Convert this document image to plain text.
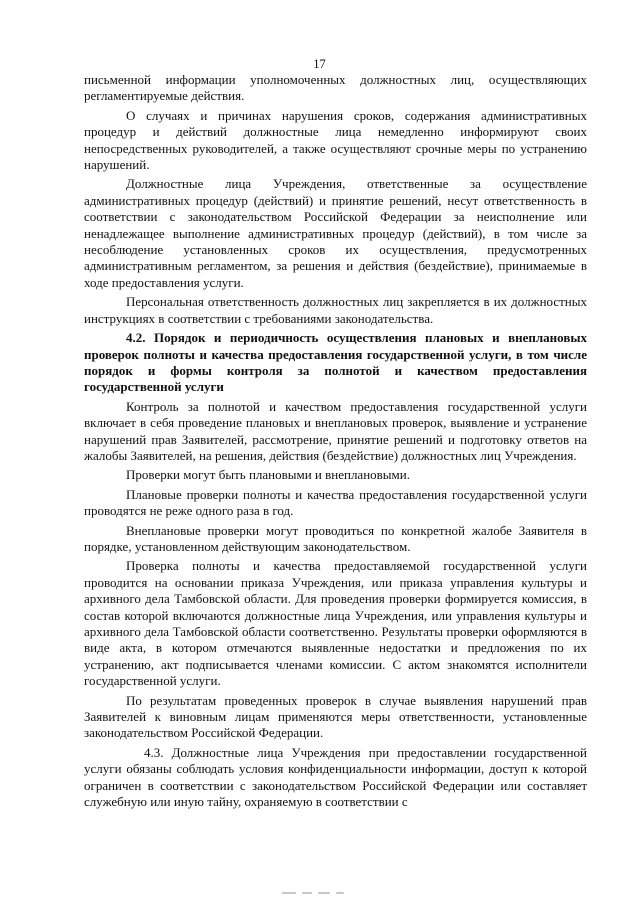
17

письменной информации уполномоченных должностных лиц, осуществляющих регламентируемые действия.

О случаях и причинах нарушения сроков, содержания административных процедур и действий должностные лица немедленно информируют своих непосредственных руководителей, а также осуществляют срочные меры по устранению нарушений.

Должностные лица Учреждения, ответственные за осуществление административных процедур (действий) и принятие решений, несут ответственность в соответствии с законодательством Российской Федерации за неисполнение или ненадлежащее выполнение административных процедур (действий), в том числе за несоблюдение установленных сроков их осуществления, предусмотренных административным регламентом, за решения и действия (бездействие), принимаемые в ходе предоставления услуги.

Персональная ответственность должностных лиц закрепляется в их должностных инструкциях в соответствии с требованиями законодательства.

4.2. Порядок и периодичность осуществления плановых и внеплановых проверок полноты и качества предоставления государственной услуги, в том числе порядок и формы контроля за полнотой и качеством предоставления государственной услуги

Контроль за полнотой и качеством предоставления государственной услуги включает в себя проведение плановых и внеплановых проверок, выявление и устранение нарушений прав Заявителей, рассмотрение, принятие решений и подготовку ответов на жалобы Заявителей, на решения, действия (бездействие) должностных лиц Учреждения.

Проверки могут быть плановыми и внеплановыми.

Плановые проверки полноты и качества предоставления государственной услуги проводятся не реже одного раза в год.

Внеплановые проверки могут проводиться по конкретной жалобе Заявителя в порядке, установленном действующим законодательством.

Проверка полноты и качества предоставляемой государственной услуги проводится на основании приказа Учреждения, или приказа управления культуры и архивного дела Тамбовской области. Для проведения проверки формируется комиссия, в состав которой включаются должностные лица Учреждения, или управления культуры и архивного дела Тамбовской области соответственно. Результаты проверки оформляются в виде акта, в котором отмечаются выявленные недостатки и предложения по их устранению, акт подписывается членами комиссии. С актом знакомятся исполнители государственной услуги.

По результатам проведенных проверок в случае выявления нарушений прав Заявителей к виновным лицам применяются меры ответственности, установленные законодательством Российской Федерации.

4.3. Должностные лица Учреждения при предоставлении государственной услуги обязаны соблюдать условия конфиденциальности информации, доступ к которой ограничен в соответствии с законодательством Российской Федерации или составляет служебную или иную тайну, охраняемую в соответствии с
